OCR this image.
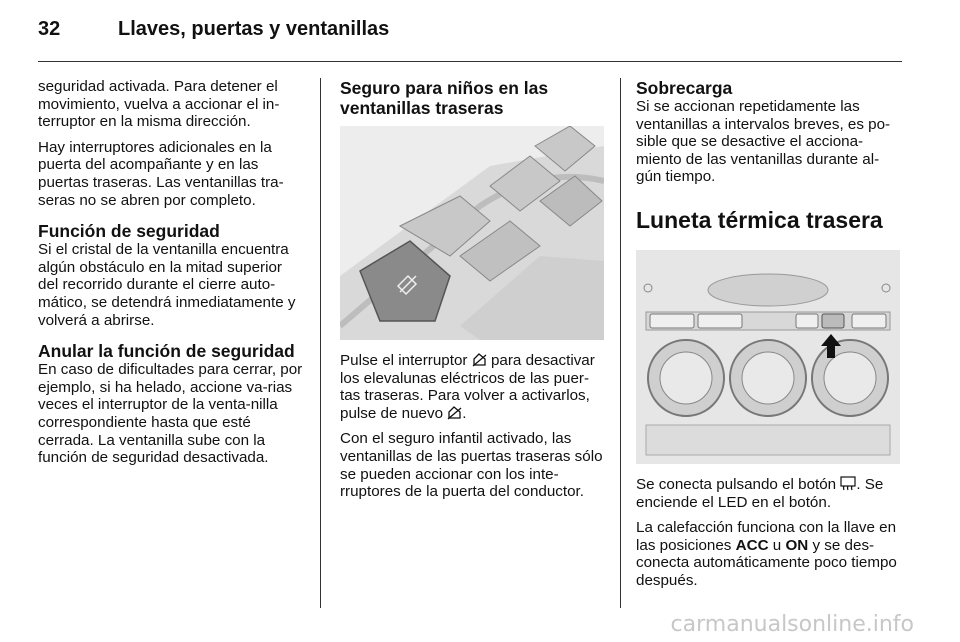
32	Llaves, puertas y ventanillas

seguridad activada. Para detener el movimiento, vuelva a accionar el in-terruptor en la misma dirección.

Hay interruptores adicionales en la puerta del acompañante y en las puertas traseras. Las ventanillas tra-seras no se abren por completo.

Función de seguridad

Si el cristal de la ventanilla encuentra algún obstáculo en la mitad superior del recorrido durante el cierre auto-mático, se detendrá inmediatamente y volverá a abrirse.

Anular la función de seguridad

En caso de dificultades para cerrar, por ejemplo, si ha helado, accione va-rias veces el interruptor de la venta-nilla correspondiente hasta que esté cerrada. La ventanilla sube con la función de seguridad desactivada.

Seguro para niños en las ventanillas traseras

Pulse el interruptor para desactivar los elevalunas eléctricos de las puer-tas traseras. Para volver a activarlos, pulse de nuevo .

Con el seguro infantil activado, las ventanillas de las puertas traseras sólo se pueden accionar con los inte-rruptores de la puerta del conductor.

Sobrecarga

Si se accionan repetidamente las ventanillas a intervalos breves, es po-sible que se desactive el acciona-miento de las ventanillas durante al-gún tiempo.

Luneta térmica trasera

Se conecta pulsando el botón . Se enciende el LED en el botón.

La calefacción funciona con la llave en las posiciones ACC u ON y se des-conecta automáticamente poco tiempo después.

carmanualsonline.info
